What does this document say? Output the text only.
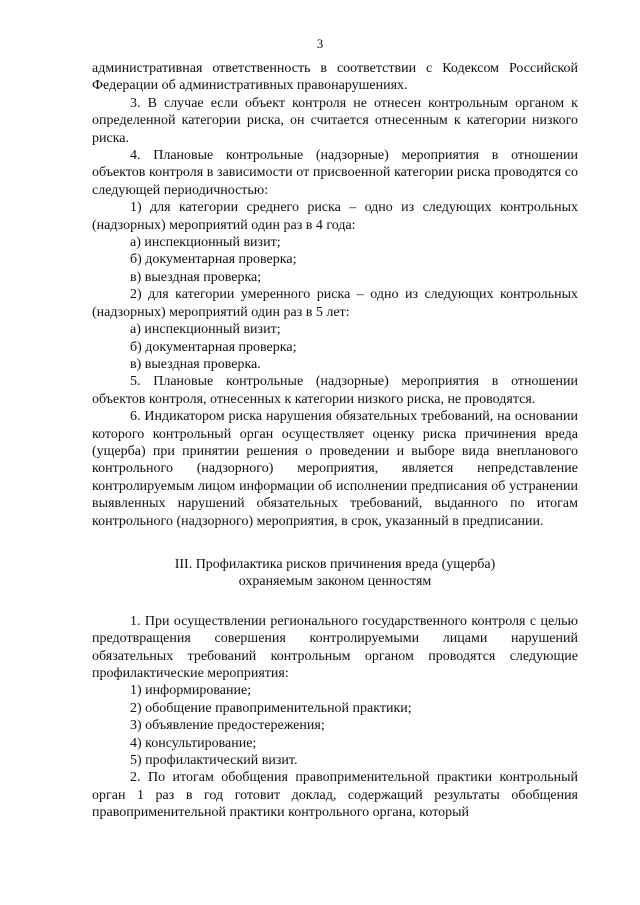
3

административная ответственность в соответствии с Кодексом Российской Федерации об административных правонарушениях.

3. В случае если объект контроля не отнесен контрольным органом к определенной категории риска, он считается отнесенным к категории низкого риска.

4. Плановые контрольные (надзорные) мероприятия в отношении объектов контроля в зависимости от присвоенной категории риска проводятся со следующей периодичностью:

1) для категории среднего риска – одно из следующих контрольных (надзорных) мероприятий один раз в 4 года:

а) инспекционный визит;

б) документарная проверка;

в) выездная проверка;

2) для категории умеренного риска – одно из следующих контрольных (надзорных) мероприятий один раз в 5 лет:

а) инспекционный визит;

б) документарная проверка;

в) выездная проверка.

5. Плановые контрольные (надзорные) мероприятия в отношении объектов контроля, отнесенных к категории низкого риска, не проводятся.

6. Индикатором риска нарушения обязательных требований, на основании которого контрольный орган осуществляет оценку риска причинения вреда (ущерба) при принятии решения о проведении и выборе вида внепланового контрольного (надзорного) мероприятия, является непредставление контролируемым лицом информации об исполнении предписания об устранении выявленных нарушений обязательных требований, выданного по итогам контрольного (надзорного) мероприятия, в срок, указанный в предписании.

III. Профилактика рисков причинения вреда (ущерба)
охраняемым законом ценностям

1. При осуществлении регионального государственного контроля с целью предотвращения совершения контролируемыми лицами нарушений обязательных требований контрольным органом проводятся следующие профилактические мероприятия:

1) информирование;

2) обобщение правоприменительной практики;

3) объявление предостережения;

4) консультирование;

5) профилактический визит.

2. По итогам обобщения правоприменительной практики контрольный орган 1 раз в год готовит доклад, содержащий результаты обобщения правоприменительной практики контрольного органа, который
